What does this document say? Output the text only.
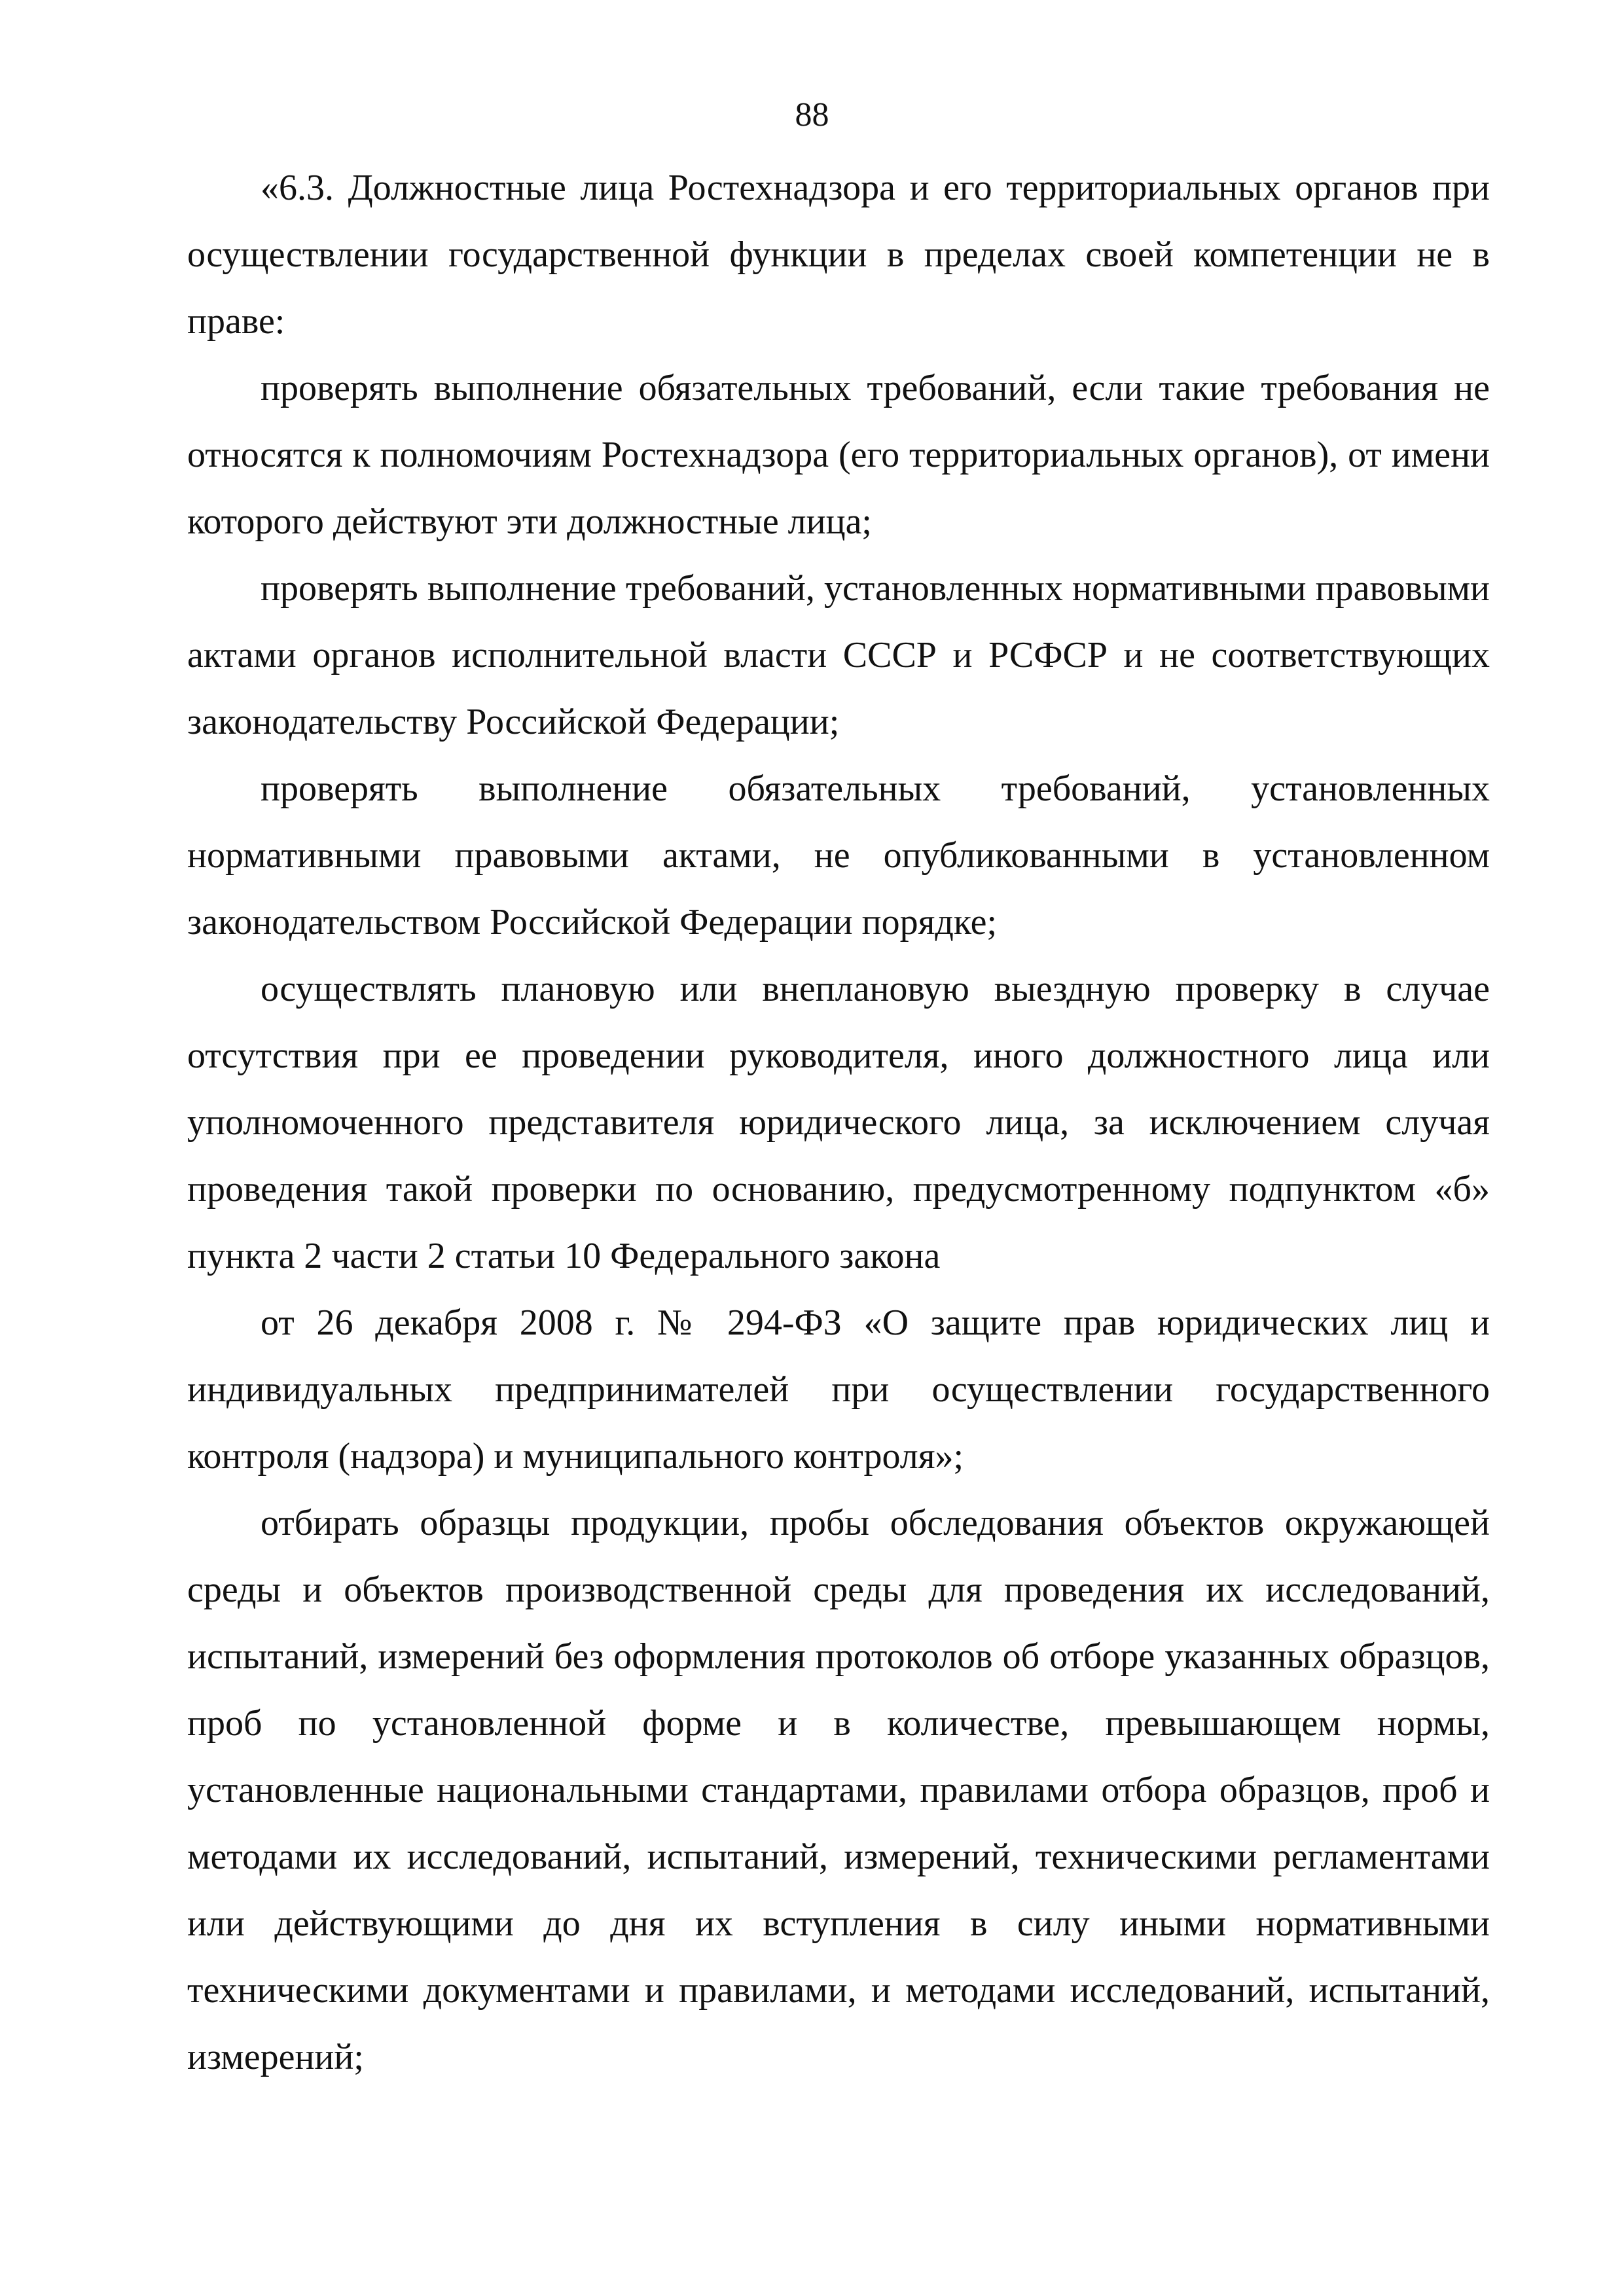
88

«6.3. Должностные лица Ростехнадзора и его территориальных органов при осуществлении государственной функции в пределах своей компетенции не в праве:

проверять выполнение обязательных требований, если такие требования не относятся к полномочиям Ростехнадзора (его территориальных органов), от имени которого действуют эти должностные лица;

проверять выполнение требований, установленных нормативными правовыми актами органов исполнительной власти СССР и РСФСР и не соответствующих законодательству Российской Федерации;

проверять выполнение обязательных требований, установленных нормативными правовыми актами, не опубликованными в установленном законодательством Российской Федерации порядке;

осуществлять плановую или внеплановую выездную проверку в случае отсутствия при ее проведении руководителя, иного должностного лица или уполномоченного представителя юридического лица, за исключением случая проведения такой проверки по основанию, предусмотренному подпунктом «б» пункта 2 части 2 статьи 10 Федерального закона

от 26 декабря 2008 г. № 294-ФЗ «О защите прав юридических лиц и индивидуальных предпринимателей при осуществлении государственного контроля (надзора) и муниципального контроля»;

отбирать образцы продукции, пробы обследования объектов окружающей среды и объектов производственной среды для проведения их исследований, испытаний, измерений без оформления протоколов об отборе указанных образцов, проб по установленной форме и в количестве, превышающем нормы, установленные национальными стандартами, правилами отбора образцов, проб и методами их исследований, испытаний, измерений, техническими регламентами или действующими до дня их вступления в силу иными нормативными техническими документами и правилами, и методами исследований, испытаний, измерений;
